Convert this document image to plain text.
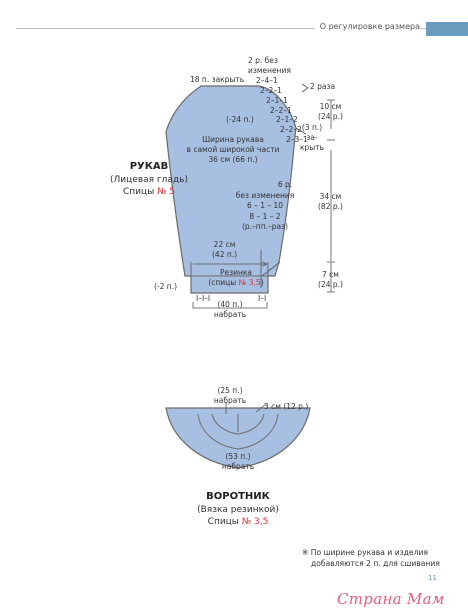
О регулировке размера
РУКАВ
(Лицевая гладь)
Спицы № 5
2 р. без изменения
2–4–1
2–2–1
2–1–1
2–2–1
2–1–2
2–2–2
2–3–1
2 раза
18 п. закрыть
(-24 п.)
10 см
(24 р.)
(3 п.)
за-
крыть
Ширина рукава
в самой широкой части
36 см (66 п.)
6 р.
без изменения
6 – 1 – 10
8 – 1 – 2
(р.–пп.–раз)
34 см
(82 р.)
22 см
(42 п.)
Резинка
(спицы № 3,5)
7 см
(24 р.)
(-2 п.)
I–I–I	I–I
(40 п.)
набрать
(25 п.)
набрать
3 см (12 р.)
(53 п.)
набрать
ВОРОТНИК
(Вязка резинкой)
Спицы № 3,5
※ По ширине рукава и изделия
добавляются 2 п. для сшивания
11
Страна Мам
